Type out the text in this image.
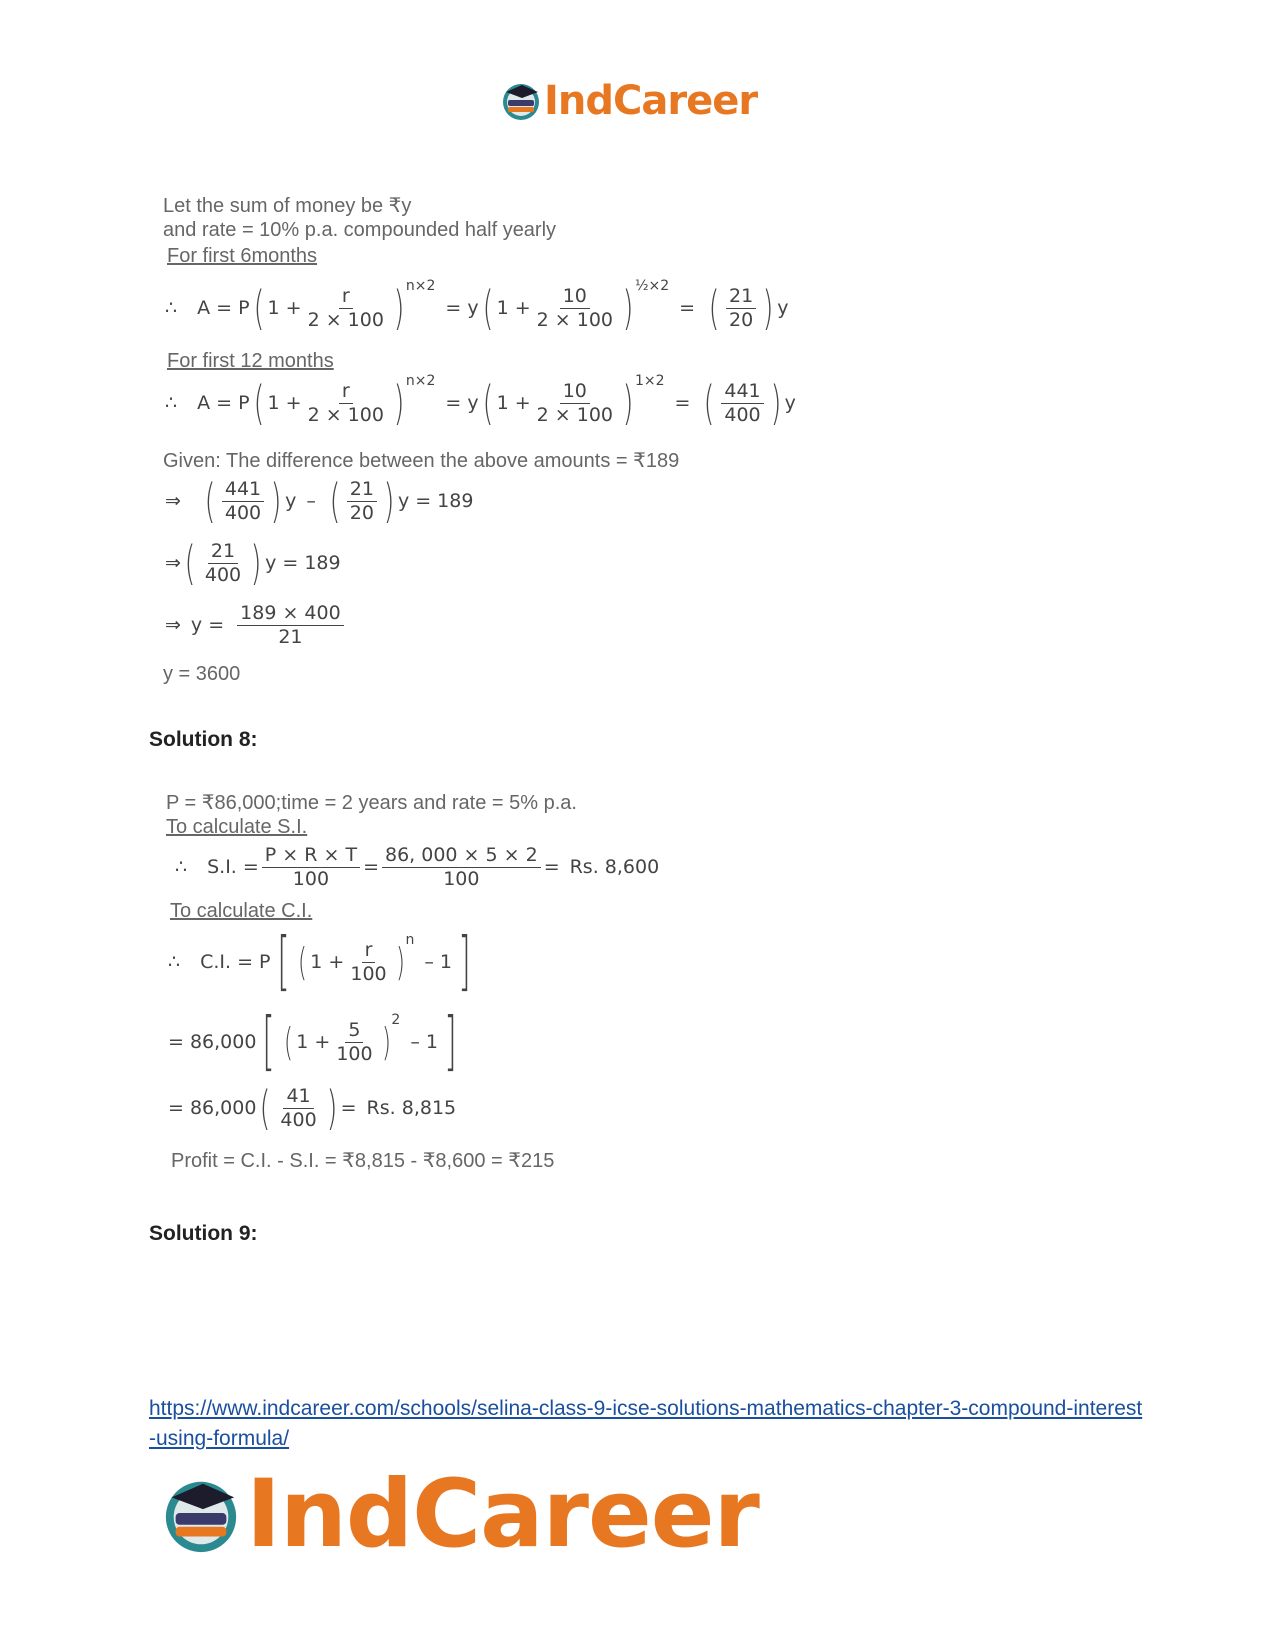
IndCareer
Let the sum of money be ₹y
and rate = 10% p.a. compounded half yearly
For first 6months
∴ A = P ( $1 + \frac{r}{2 \times 100}$ ) n×2
= y ( $1 + \frac{10}{2 \times 100}$ ) ½×2
= ( $\frac{21}{20}$ ) y
For first 12 months
∴ A = P ( $1 + \frac{r}{2 \times 100}$ ) n×2
= y ( $1 + \frac{10}{2 \times 100}$ ) 1×2
= ( $\frac{441}{400}$ ) y
Given: The difference between the above amounts = ₹189
⇒ ( $\frac{441}{400}$ ) y – ( $\frac{21}{20}$ ) y = 189
⇒ ( $\frac{21}{400}$ ) y = 189
⇒ $y = \frac{189 \times 400}{21}$
y = 3600
Solution 8:
P = ₹86,000;time = 2 years and rate = 5% p.a.
To calculate S.I.
∴ S.I. = $\frac{P \times R \times T}{100} = \frac{86, 000 \times 5 \times 2}{100} = Rs$. 8,600
To calculate C.I.
∴ C.I. = P [ ( $1 + \frac{r}{100}$ ) n
– 1 ]
= 86,000 [ ( $1 + \frac{5}{100}$ ) 2
– 1 ]
= 86,000 ( $\frac{41}{400}$ ) = Rs. 8,815
Profit = C.I. - S.I. = ₹8,815 - ₹8,600 = ₹215
Solution 9:
https://www.indcareer.com/schools/selina-class-9-icse-solutions-mathematics-chapter-3-compound-interest-using-formula/
IndCareer
